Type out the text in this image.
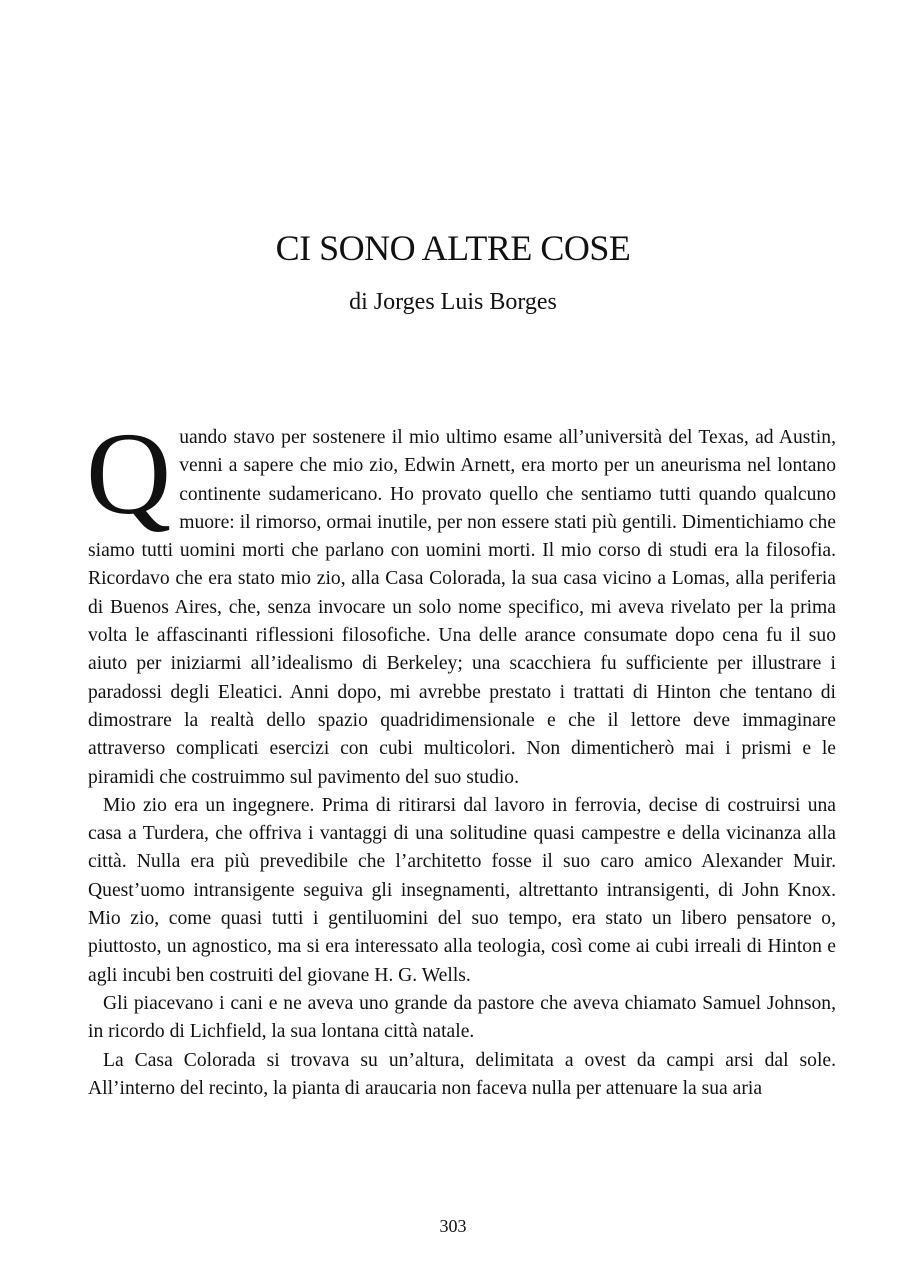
CI SONO ALTRE COSE
di Jorges Luis Borges

Quando stavo per sostenere il mio ultimo esame all’università del Texas, ad Austin, venni a sapere che mio zio, Edwin Arnett, era morto per un aneurisma nel lontano continente sudamericano. Ho provato quello che sentiamo tutti quando qualcuno muore: il rimorso, ormai inutile, per non essere stati più gentili. Dimentichiamo che siamo tutti uomini morti che parlano con uomini morti. Il mio corso di studi era la filosofia. Ricordavo che era stato mio zio, alla Casa Colorada, la sua casa vicino a Lomas, alla periferia di Buenos Aires, che, senza invocare un solo nome specifico, mi aveva rivelato per la prima volta le affascinanti riflessioni filosofiche. Una delle arance consumate dopo cena fu il suo aiuto per iniziarmi all’idealismo di Berkeley; una scacchiera fu sufficiente per illustrare i paradossi degli Eleatici. Anni dopo, mi avrebbe prestato i trattati di Hinton che tentano di dimostrare la realtà dello spazio quadridimensionale e che il lettore deve immaginare attraverso complicati esercizi con cubi multicolori. Non dimenticherò mai i prismi e le piramidi che costruimmo sul pavimento del suo studio.

Mio zio era un ingegnere. Prima di ritirarsi dal lavoro in ferrovia, decise di costruirsi una casa a Turdera, che offriva i vantaggi di una solitudine quasi campestre e della vicinanza alla città. Nulla era più prevedibile che l’architetto fosse il suo caro amico Alexander Muir. Quest’uomo intransigente seguiva gli insegnamenti, altrettanto intransigenti, di John Knox. Mio zio, come quasi tutti i gentiluomini del suo tempo, era stato un libero pensatore o, piuttosto, un agnostico, ma si era interessato alla teologia, così come ai cubi irreali di Hinton e agli incubi ben costruiti del giovane H. G. Wells.

Gli piacevano i cani e ne aveva uno grande da pastore che aveva chiamato Samuel Johnson, in ricordo di Lichfield, la sua lontana città natale.

La Casa Colorada si trovava su un’altura, delimitata a ovest da campi arsi dal sole. All’interno del recinto, la pianta di araucaria non faceva nulla per attenuare la sua aria

303
